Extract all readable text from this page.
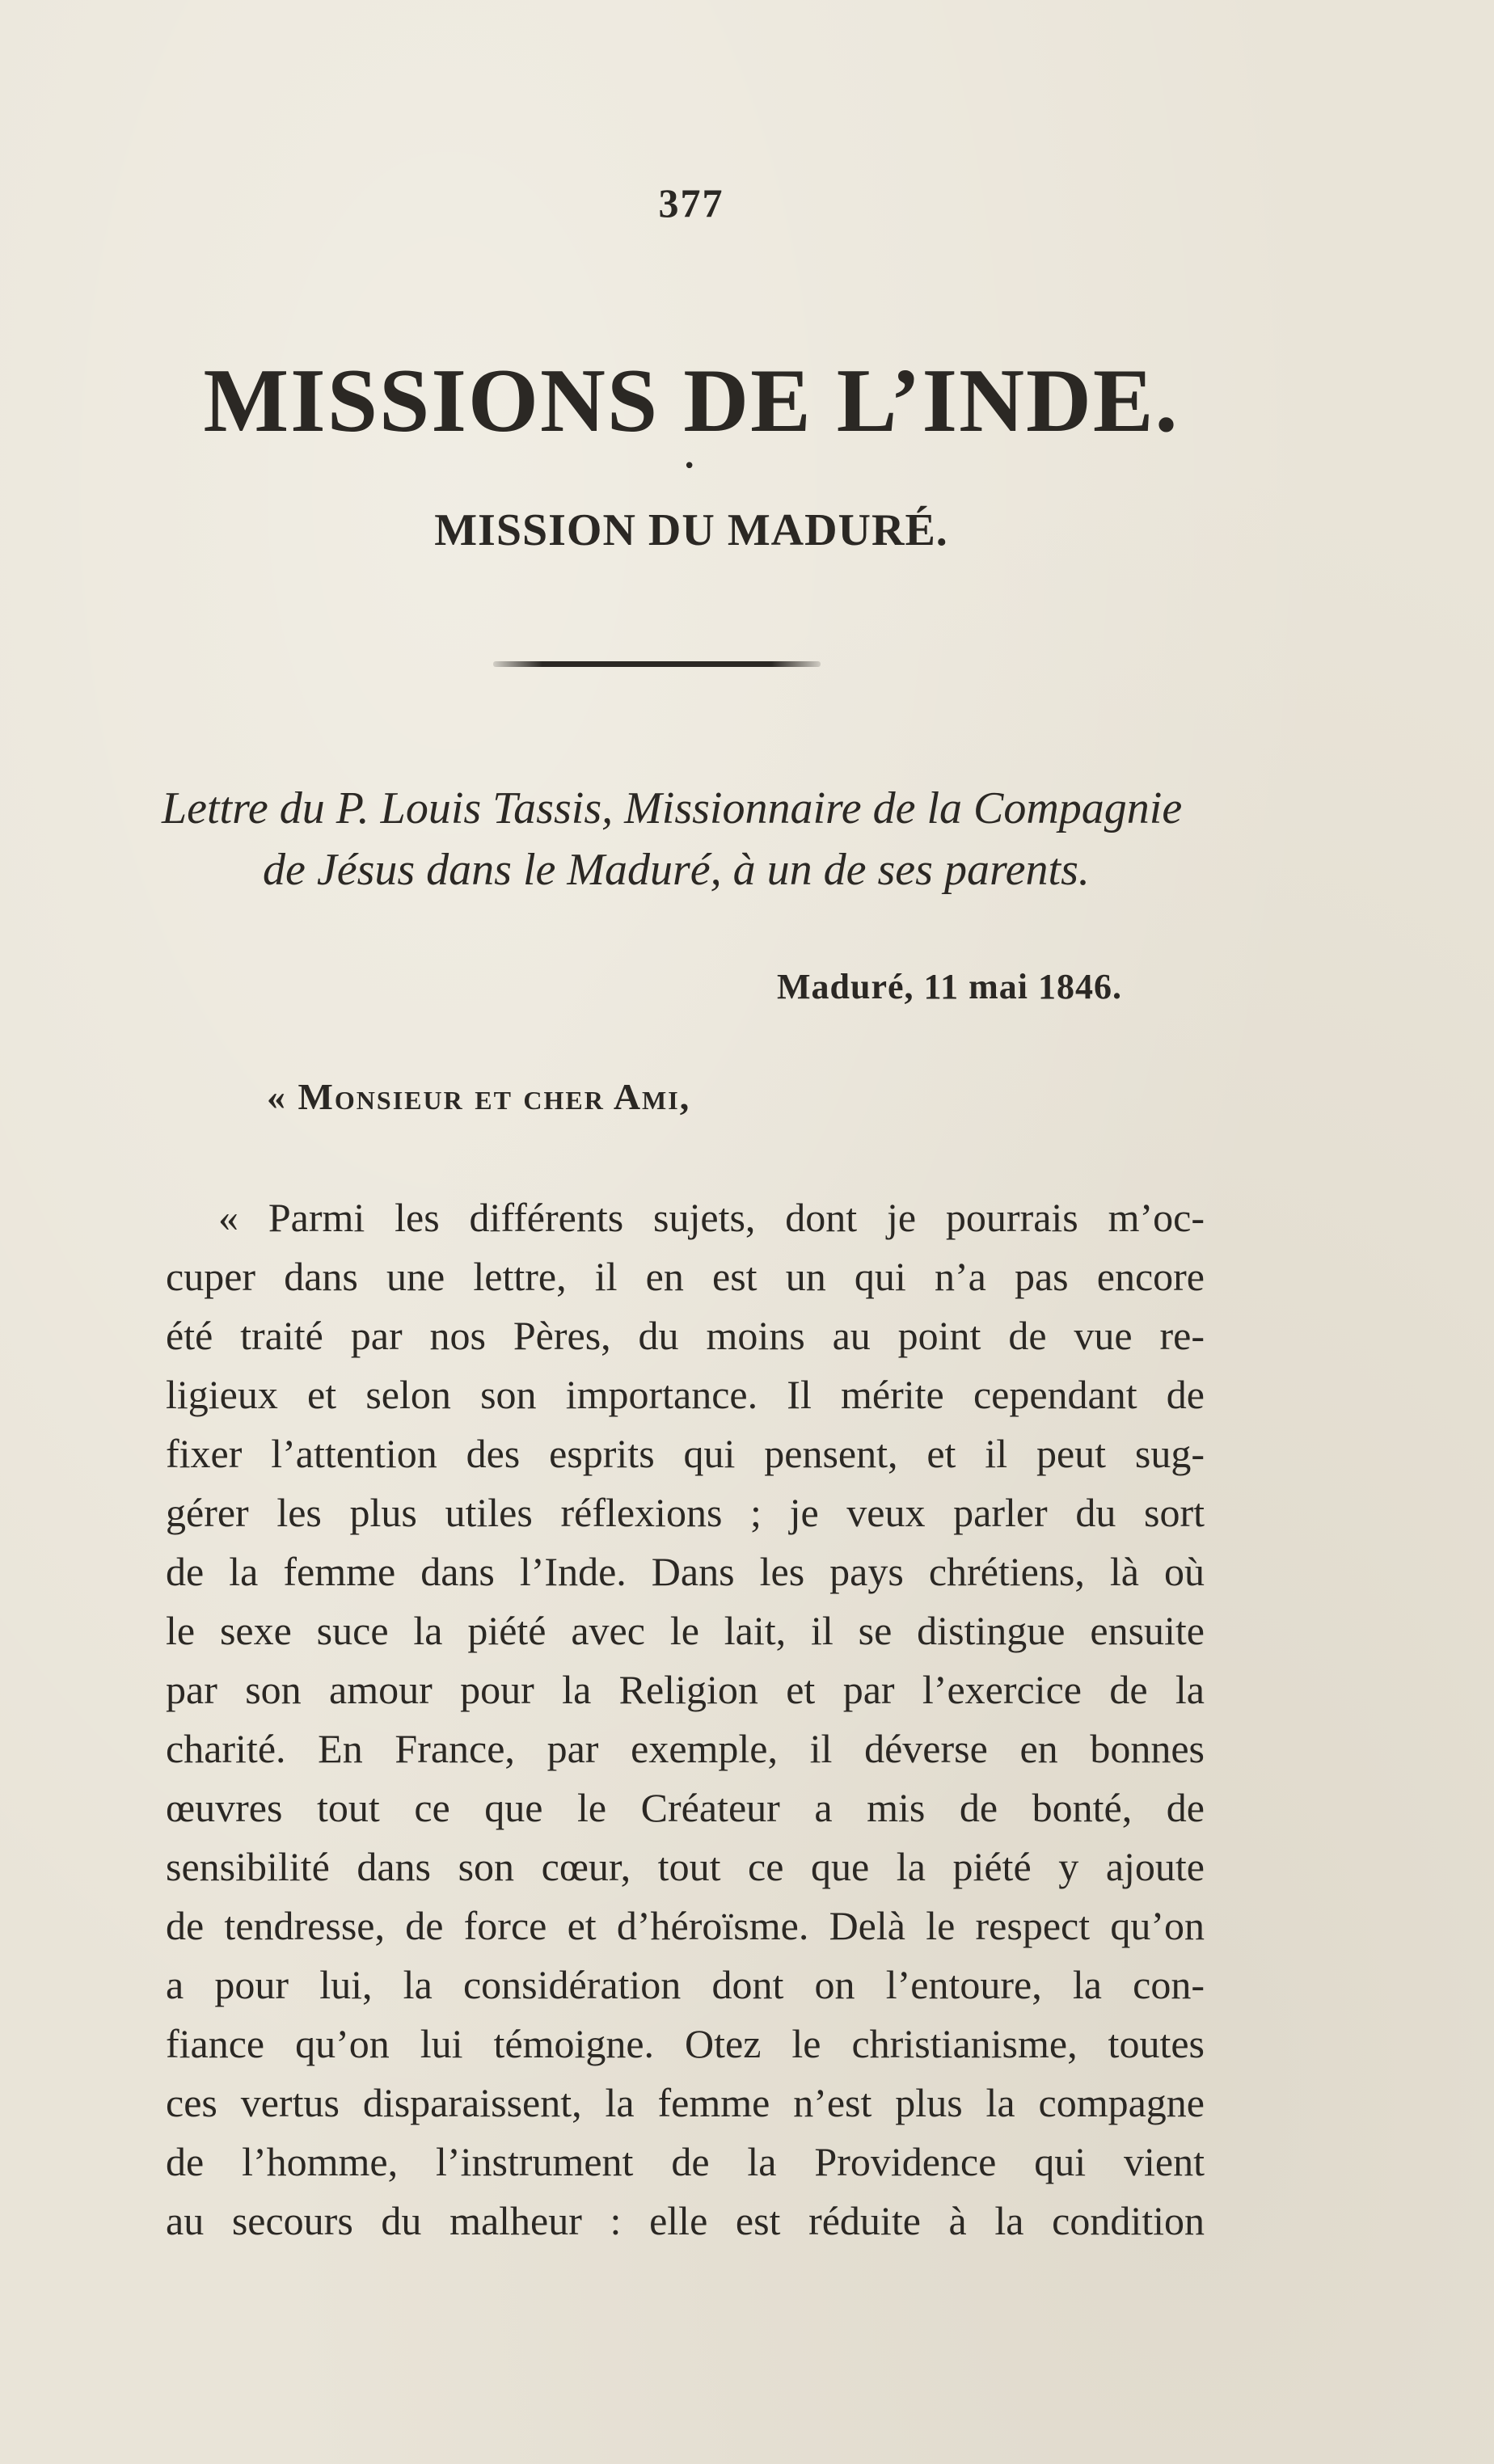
377
MISSIONS DE L’INDE.
•
MISSION DU MADURÉ.
Lettre du P. Louis Tassis, Missionnaire de la Compagnie
de Jésus dans le Maduré, à un de ses parents.
Maduré, 11 mai 1846.
« Monsieur et cher Ami,
« Parmi les différents sujets, dont je pourrais m’oc-
cuper dans une lettre, il en est un qui n’a pas encore
été traité par nos Pères, du moins au point de vue re-
ligieux et selon son importance. Il mérite cependant de
fixer l’attention des esprits qui pensent, et il peut sug-
gérer les plus utiles réflexions ; je veux parler du sort
de la femme dans l’Inde. Dans les pays chrétiens, là où
le sexe suce la piété avec le lait, il se distingue ensuite
par son amour pour la Religion et par l’exercice de la
charité. En France, par exemple, il déverse en bonnes
œuvres tout ce que le Créateur a mis de bonté, de
sensibilité dans son cœur, tout ce que la piété y ajoute
de tendresse, de force et d’héroïsme. Delà le respect qu’on
a pour lui, la considération dont on l’entoure, la con-
fiance qu’on lui témoigne. Otez le christianisme, toutes
ces vertus disparaissent, la femme n’est plus la compagne
de l’homme, l’instrument de la Providence qui vient
au secours du malheur : elle est réduite à la condition
